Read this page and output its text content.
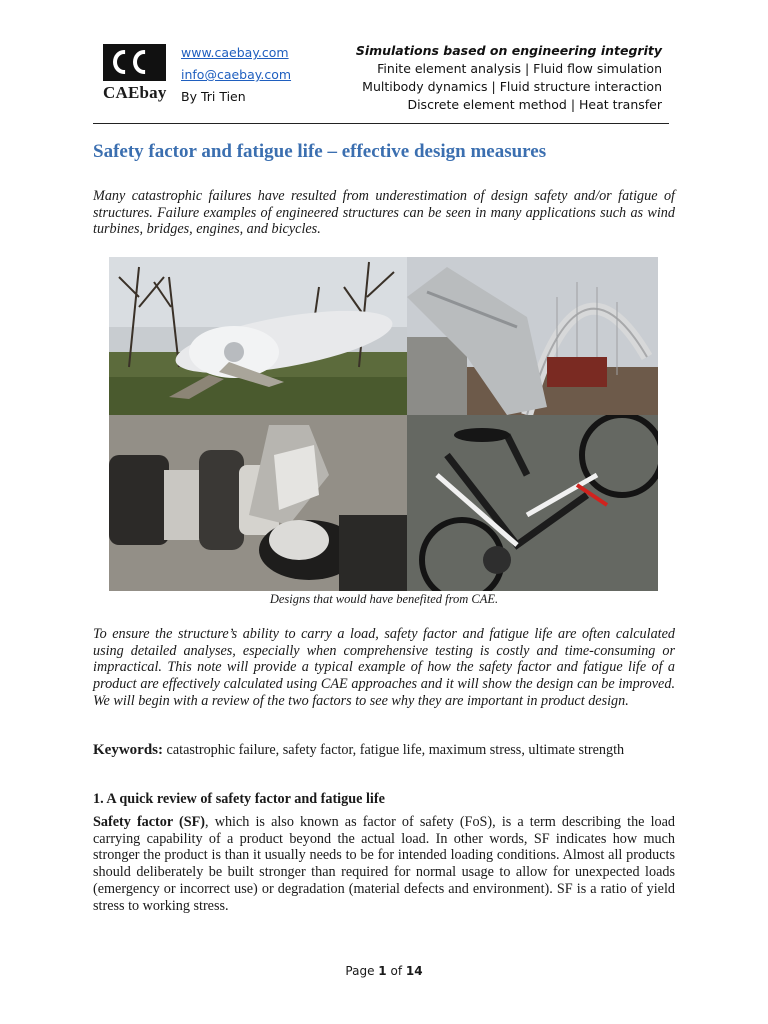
CAEbay
www.caebay.com
info@caebay.com
By Tri Tien
Simulations based on engineering integrity
Finite element analysis | Fluid flow simulation
Multibody dynamics | Fluid structure interaction
Discrete element method | Heat transfer
Safety factor and fatigue life – effective design measures
Many catastrophic failures have resulted from underestimation of design safety and/or fatigue of structures. Failure examples of engineered structures can be seen in many applications such as wind turbines, bridges, engines, and bicycles.
Designs that would have benefited from CAE.
To ensure the structure’s ability to carry a load, safety factor and fatigue life are often calculated using detailed analyses, especially when comprehensive testing is costly and time-consuming or impractical. This note will provide a typical example of how the safety factor and fatigue life of a product are effectively calculated using CAE approaches and it will show the design can be improved. We will begin with a review of the two factors to see why they are important in product design.
Keywords: catastrophic failure, safety factor, fatigue life, maximum stress, ultimate strength
1. A quick review of safety factor and fatigue life
Safety factor (SF), which is also known as factor of safety (FoS), is a term describing the load carrying capability of a product beyond the actual load. In other words, SF indicates how much stronger the product is than it usually needs to be for intended loading conditions. Almost all products should deliberately be built stronger than required for normal usage to allow for unexpected loads (emergency or incorrect use) or degradation (material defects and environment). SF is a ratio of yield stress to working stress.
Page 1 of 14
